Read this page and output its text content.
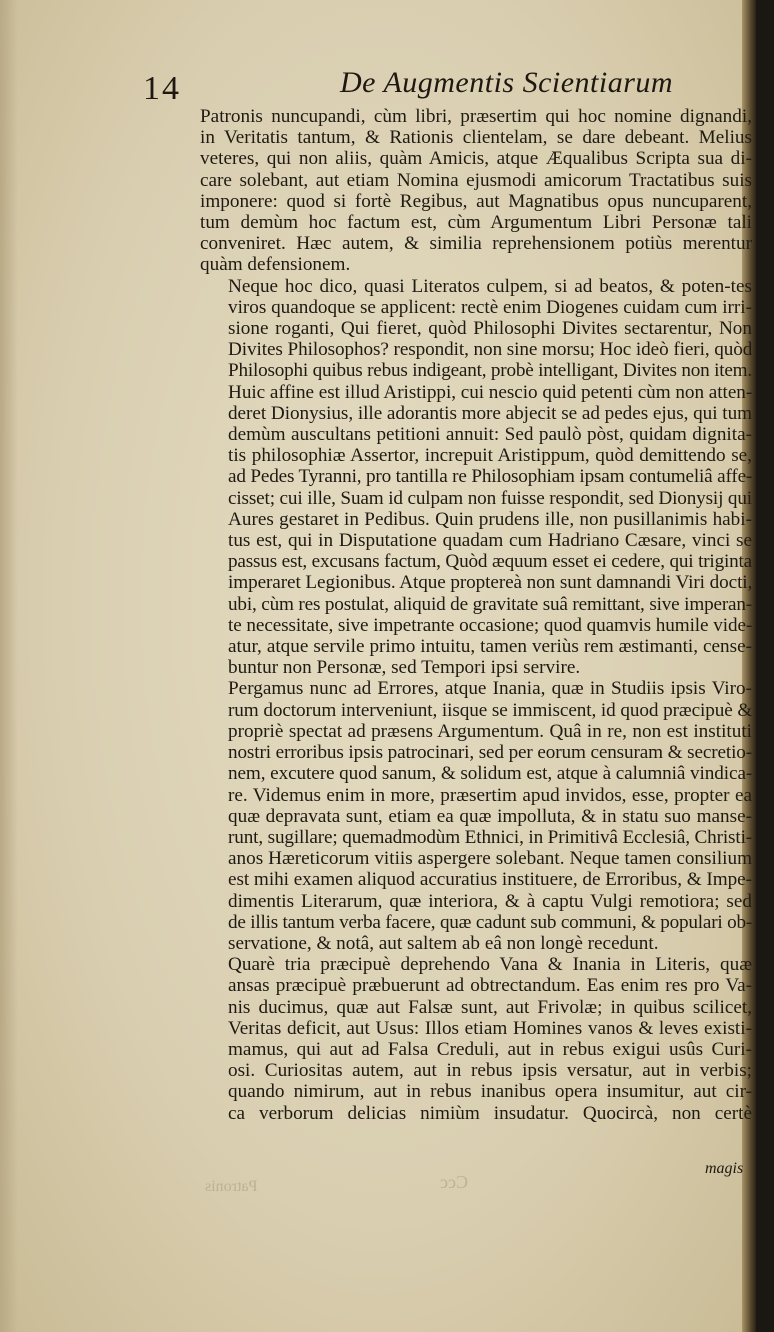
14	De Augmentis Scientiarum

Patronis nuncupandi, cùm libri, præsertim qui hoc nomine dignandi,
in Veritatis tantum, & Rationis clientelam, se dare debeant. Melius
veteres, qui non aliis, quàm Amicis, atque Æqualibus Scripta sua di-
care solebant, aut etiam Nomina ejusmodi amicorum Tractatibus suis
imponere: quod si fortè Regibus, aut Magnatibus opus nuncuparent,
tum demùm hoc factum est, cùm Argumentum Libri Personæ tali
conveniret. Hæc autem, & similia reprehensionem potiùs merentur
quàm defensionem.

Neque hoc dico, quasi Literatos culpem, si ad beatos, & poten-tes
viros quandoque se applicent: rectè enim Diogenes cuidam cum irri-
sione roganti, Qui fieret, quòd Philosophi Divites sectarentur, Non
Divites Philosophos? respondit, non sine morsu; Hoc ideò fieri, quòd
Philosophi quibus rebus indigeant, probè intelligant, Divites non item.
Huic affine est illud Aristippi, cui nescio quid petenti cùm non atten-
deret Dionysius, ille adorantis more abjecit se ad pedes ejus, qui tum
demùm auscultans petitioni annuit: Sed paulò pòst, quidam dignita-
tis philosophiæ Assertor, increpuit Aristippum, quòd demittendo se,
ad Pedes Tyranni, pro tantilla re Philosophiam ipsam contumeliâ affe-
cisset; cui ille, Suam id culpam non fuisse respondit, sed Dionysij qui
Aures gestaret in Pedibus. Quin prudens ille, non pusillanimis habi-
tus est, qui in Disputatione quadam cum Hadriano Cæsare, vinci se
passus est, excusans factum, Quòd æquum esset ei cedere, qui triginta
imperaret Legionibus. Atque proptereà non sunt damnandi Viri docti,
ubi, cùm res postulat, aliquid de gravitate suâ remittant, sive imperan-
te necessitate, sive impetrante occasione; quod quamvis humile vide-
atur, atque servile primo intuitu, tamen veriùs rem æstimanti, cense-
buntur non Personæ, sed Tempori ipsi servire.

Pergamus nunc ad Errores, atque Inania, quæ in Studiis ipsis Viro-
rum doctorum interveniunt, iisque se immiscent, id quod præcipuè &
propriè spectat ad præsens Argumentum. Quâ in re, non est instituti
nostri erroribus ipsis patrocinari, sed per eorum censuram & secretio-
nem, excutere quod sanum, & solidum est, atque à calumniâ vindica-
re. Videmus enim in more, præsertim apud invidos, esse, propter ea
quæ depravata sunt, etiam ea quæ impolluta, & in statu suo manse-
runt, sugillare; quemadmodùm Ethnici, in Primitivâ Ecclesiâ, Christi-
anos Hæreticorum vitiis aspergere solebant. Neque tamen consilium
est mihi examen aliquod accuratius instituere, de Erroribus, & Impe-
dimentis Literarum, quæ interiora, & à captu Vulgi remotiora; sed
de illis tantum verba facere, quæ cadunt sub communi, & populari ob-
servatione, & notâ, aut saltem ab eâ non longè recedunt.

Quarè tria præcipuè deprehendo Vana & Inania in Literis, quæ
ansas præcipuè præbuerunt ad obtrectandum. Eas enim res pro Va-
nis ducimus, quæ aut Falsæ sunt, aut Frivolæ; in quibus scilicet,
Veritas deficit, aut Usus: Illos etiam Homines vanos & leves existi-
mamus, qui aut ad Falsa Creduli, aut in rebus exigui usûs Curi-
osi. Curiositas autem, aut in rebus ipsis versatur, aut in verbis;
quando nimirum, aut in rebus inanibus opera insumitur, aut cir-
ca verborum delicias nimiùm insudatur. Quocircà, non certè

magis
Patronis	Ccc
